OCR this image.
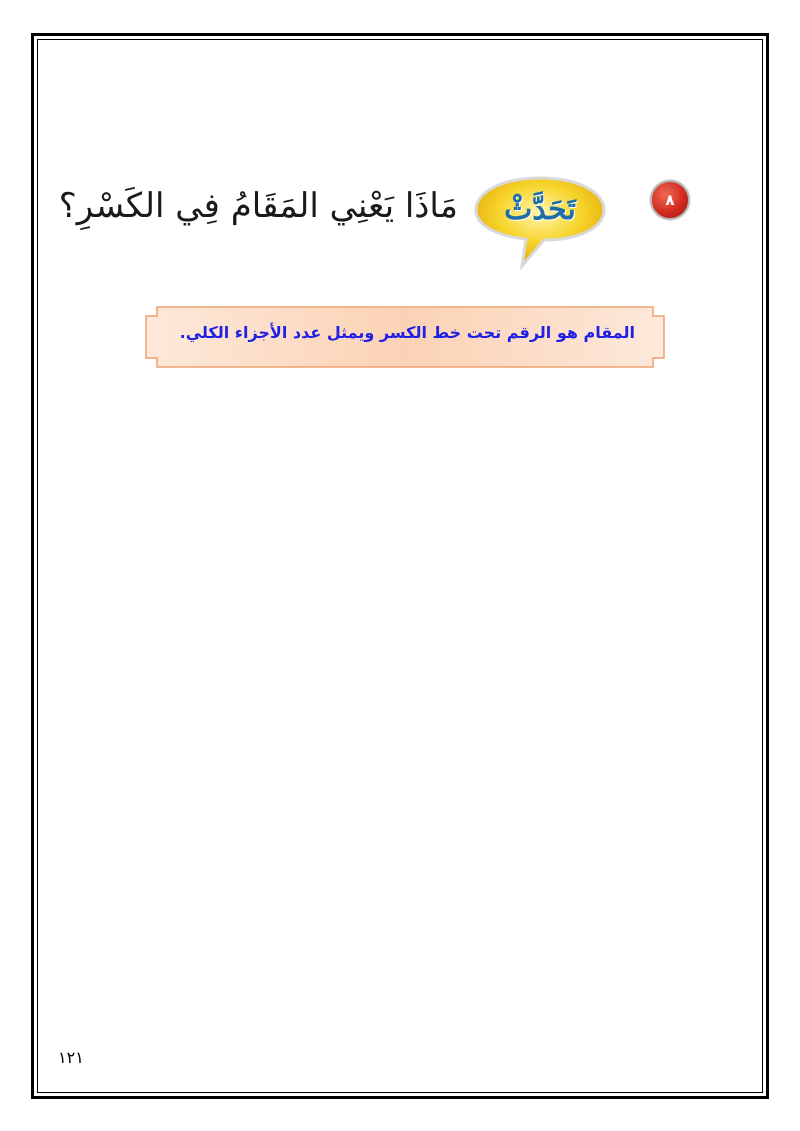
٨
تَحَدَّثْ
مَاذَا يَعْنِي المَقَامُ فِي الكَسْرِ؟
المقام هو الرقم تحت خط الكسر ويمثل عدد الأجزاء الكلي.
١٢١
